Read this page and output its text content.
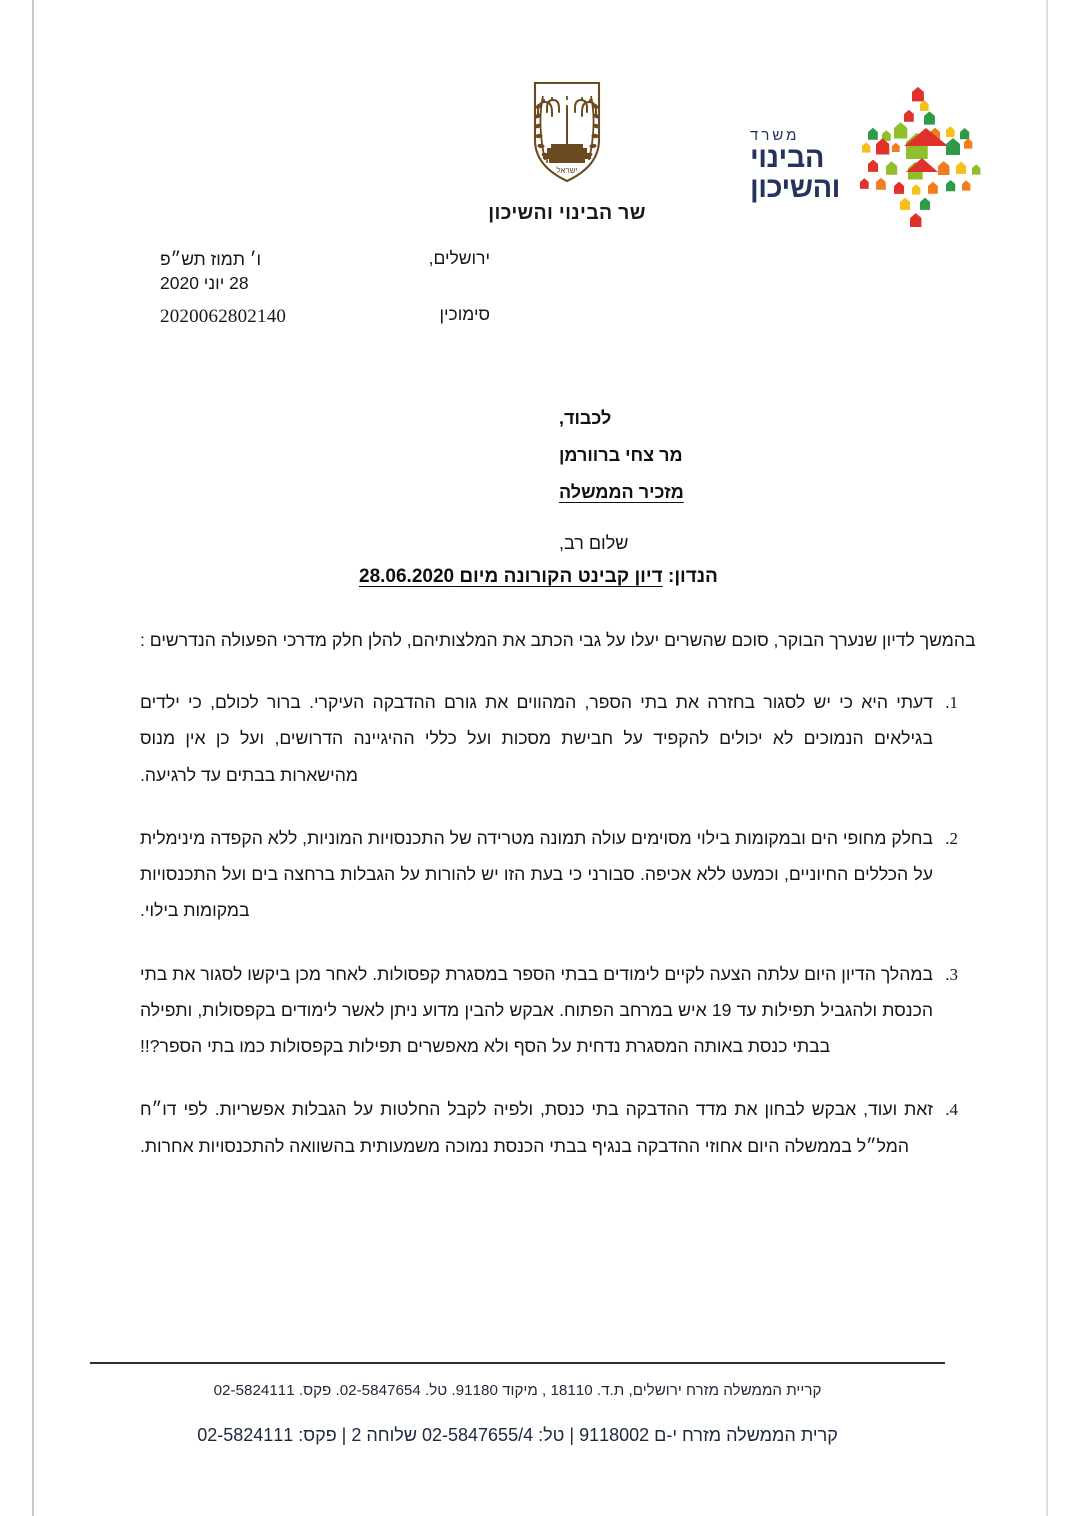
ישראל
שר הבינוי והשיכון
משרד
הבינוי
והשיכון
ירושלים,
ו׳ תמוז תש״פ
28 יוני 2020
סימוכין
2020062802140
לכבוד,
מר צחי ברוורמן
מזכיר הממשלה
שלום רב,
הנדון: דיון קבינט הקורונה מיום 28.06.2020

בהמשך לדיון שנערך הבוקר, סוכם שהשרים יעלו על גבי הכתב את המלצותיהם, להלן חלק מדרכי הפעולה הנדרשים :

1. דעתי היא כי יש לסגור בחזרה את בתי הספר, המהווים את גורם ההדבקה העיקרי. ברור לכולם, כי ילדים בגילאים הנמוכים לא יכולים להקפיד על חבישת מסכות ועל כללי ההיגיינה הדרושים, ועל כן אין מנוס מהישארות בבתים עד לרגיעה.
2. בחלק מחופי הים ובמקומות בילוי מסוימים עולה תמונה מטרידה של התכנסויות המוניות, ללא הקפדה מינימלית על הכללים החיוניים, וכמעט ללא אכיפה. סבורני כי בעת הזו יש להורות על הגבלות ברחצה בים ועל התכנסויות במקומות בילוי.
3. במהלך הדיון היום עלתה הצעה לקיים לימודים בבתי הספר במסגרת קפסולות. לאחר מכן ביקשו לסגור את בתי הכנסת ולהגביל תפילות עד 19 איש במרחב הפתוח. אבקש להבין מדוע ניתן לאשר לימודים בקפסולות, ותפילה בבתי כנסת באותה המסגרת נדחית על הסף ולא מאפשרים תפילות בקפסולות כמו בתי הספר?!!
4. זאת ועוד, אבקש לבחון את מדד ההדבקה בתי כנסת, ולפיה לקבל החלטות על הגבלות אפשריות. לפי דו״ח המל״ל בממשלה היום אחוזי ההדבקה בנגיף בבתי הכנסת נמוכה משמעותית בהשוואה להתכנסויות אחרות.
קריית הממשלה מזרח ירושלים, ת.ד. 18110 , מיקוד 91180. טל. 02-5847654. פקס. 02-5824111
קרית הממשלה מזרח י-ם 9118002 | טל: 02-5847655/4 שלוחה 2 | פקס: 02-5824111
